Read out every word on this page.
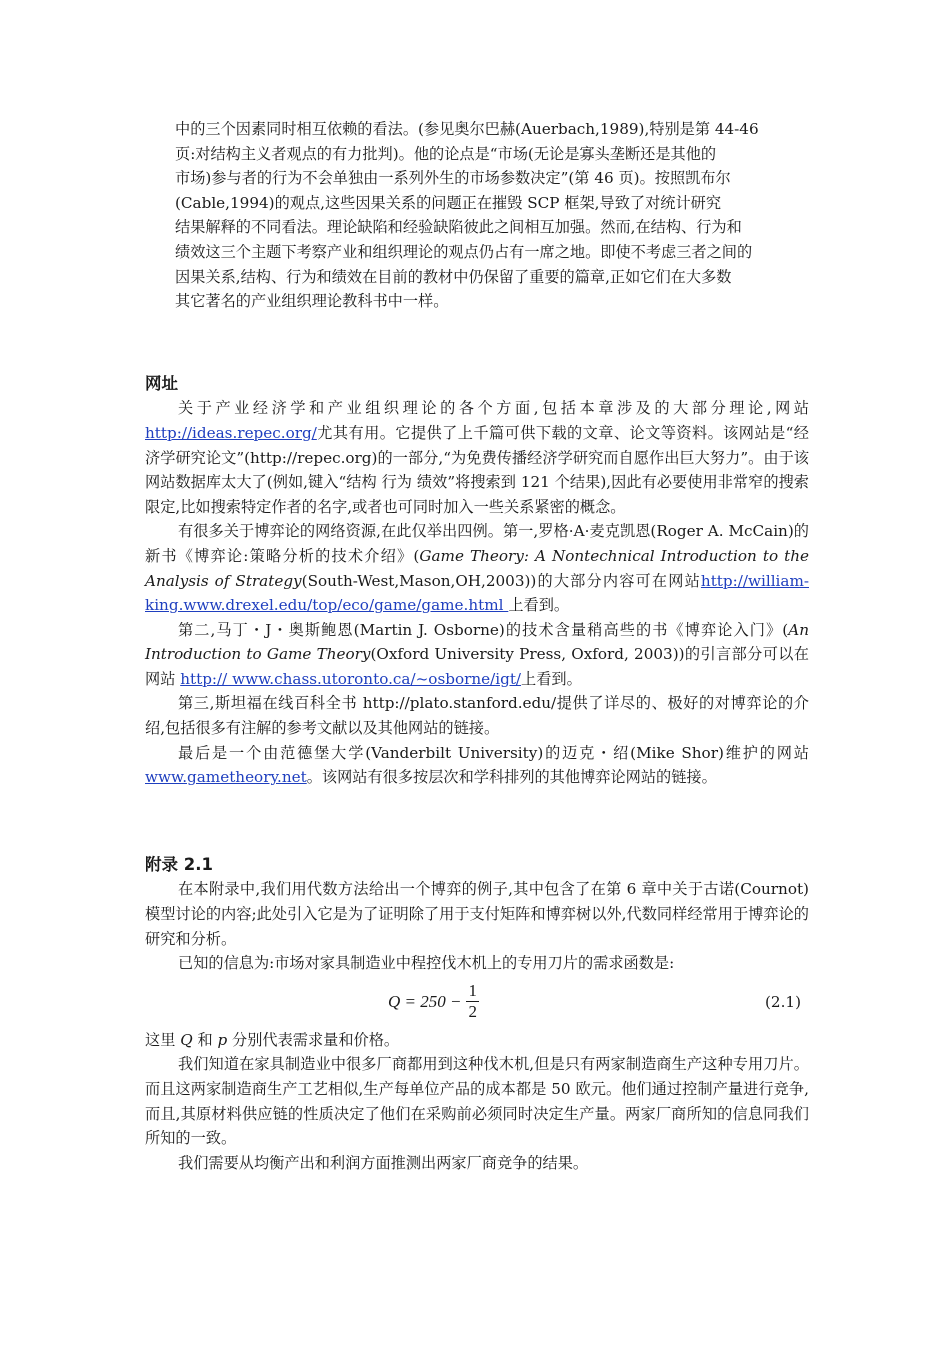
中的三个因素同时相互依赖的看法。(参见奥尔巴赫(Auerbach,1989),特别是第 44-46
页:对结构主义者观点的有力批判)。他的论点是“市场(无论是寡头垄断还是其他的
市场)参与者的行为不会单独由一系列外生的市场参数决定”(第 46 页)。按照凯布尔
(Cable,1994)的观点,这些因果关系的问题正在摧毁 SCP 框架,导致了对统计研究
结果解释的不同看法。理论缺陷和经验缺陷彼此之间相互加强。然而,在结构、行为和
绩效这三个主题下考察产业和组织理论的观点仍占有一席之地。即使不考虑三者之间的
因果关系,结构、行为和绩效在目前的教材中仍保留了重要的篇章,正如它们在大多数
其它著名的产业组织理论教科书中一样。
网址

关于产业经济学和产业组织理论的各个方面,包括本章涉及的大部分理论,网站http://ideas.repec.org/尤其有用。它提供了上千篇可供下载的文章、论文等资料。该网站是“经济学研究论文”(http://repec.org)的一部分,“为免费传播经济学研究而自愿作出巨大努力”。由于该网站数据库太大了(例如,键入“结构 行为 绩效”将搜索到 121 个结果),因此有必要使用非常窄的搜索限定,比如搜索特定作者的名字,或者也可同时加入一些关系紧密的概念。

有很多关于博弈论的网络资源,在此仅举出四例。第一,罗格·A·麦克凯恩(Roger A. McCain)的新书《博弈论:策略分析的技术介绍》(Game Theory: A Nontechnical Introduction to the Analysis of Strategy(South-West,Mason,OH,2003))的大部分内容可在网站http://william-king.www.drexel.edu/top/eco/game/game.html 上看到。

第二,马丁・J・奥斯鲍恩(Martin J. Osborne)的技术含量稍高些的书《博弈论入门》(An Introduction to Game Theory(Oxford University Press, Oxford, 2003))的引言部分可以在网站 http:// www.chass.utoronto.ca/~osborne/igt/上看到。

第三,斯坦福在线百科全书 http://plato.stanford.edu/提供了详尽的、极好的对博弈论的介绍,包括很多有注解的参考文献以及其他网站的链接。

最后是一个由范德堡大学(Vanderbilt University)的迈克・绍(Mike Shor)维护的网站www.gametheory.net。该网站有很多按层次和学科排列的其他博弈论网站的链接。

附录 2.1

在本附录中,我们用代数方法给出一个博弈的例子,其中包含了在第 6 章中关于古诺(Cournot)模型讨论的内容;此处引入它是为了证明除了用于支付矩阵和博弈树以外,代数同样经常用于博弈论的研究和分析。

已知的信息为:市场对家具制造业中程控伐木机上的专用刀片的需求函数是:

$Q = 250 - \frac{1}{2}$	(2.1)

这里 Q 和 p 分别代表需求量和价格。

我们知道在家具制造业中很多厂商都用到这种伐木机,但是只有两家制造商生产这种专用刀片。而且这两家制造商生产工艺相似,生产每单位产品的成本都是 50 欧元。他们通过控制产量进行竞争,而且,其原材料供应链的性质决定了他们在采购前必须同时决定生产量。两家厂商所知的信息同我们所知的一致。

我们需要从均衡产出和利润方面推测出两家厂商竞争的结果。
